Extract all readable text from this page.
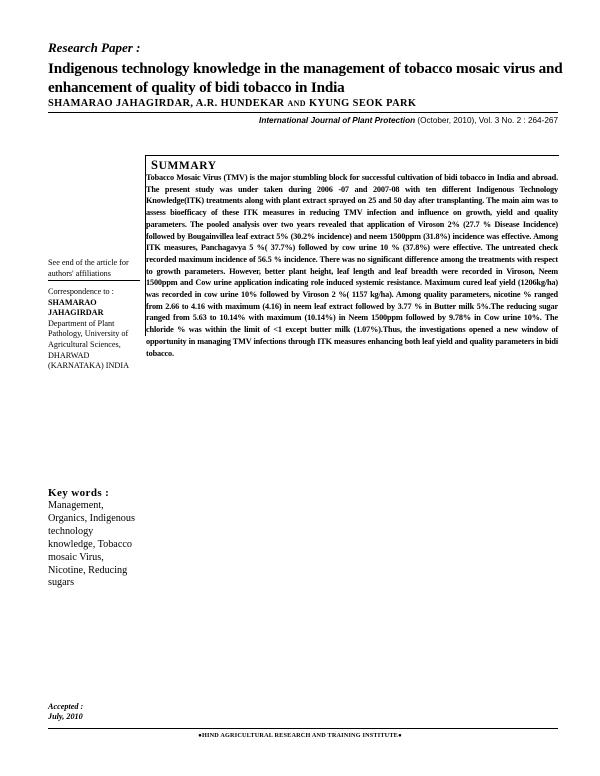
Research Paper :
Indigenous technology knowledge in the management of tobacco mosaic virus and enhancement of quality of bidi tobacco in India
SHAMARAO JAHAGIRDAR, A.R. HUNDEKAR AND KYUNG SEOK PARK
International Journal of Plant Protection (October, 2010), Vol. 3 No. 2 : 264-267
SUMMARY
Tobacco Mosaic Virus (TMV) is the major stumbling block for successful cultivation of bidi tobacco in India and abroad. The present study was under taken during 2006 -07 and 2007-08 with ten different Indigenous Technology Knowledge(ITK) treatments along with plant extract sprayed on 25 and 50 day after transplanting. The main aim was to assess bioefficacy of these ITK measures in reducing TMV infection and influence on growth, yield and quality parameters. The pooled analysis over two years revealed that application of Viroson 2% (27.7 % Disease Incidence) followed by Bougainvillea leaf extract 5% (30.2% incidence) and neem 1500ppm (31.8%) incidence was effective. Among ITK measures, Panchagavya 5 %( 37.7%) followed by cow urine 10 % (37.8%) were effective. The untreated check recorded maximum incidence of 56.5 % incidence. There was no significant difference among the treatments with respect to growth parameters. However, better plant height, leaf length and leaf breadth were recorded in Viroson, Neem 1500ppm and Cow urine application indicating role induced systemic resistance. Maximum cured leaf yield (1206kg/ha) was recorded in cow urine 10% followed by Viroson 2 %( 1157 kg/ha). Among quality parameters, nicotine % ranged from 2.66 to 4.16 with maximum (4.16) in neem leaf extract followed by 3.77 % in Butter milk 5%.The reducing sugar ranged from 5.63 to 10.14% with maximum (10.14%) in Neem 1500ppm followed by 9.78% in Cow urine 10%. The chloride % was within the limit of <1 except butter milk (1.07%).Thus, the investigations opened a new window of opportunity in managing TMV infections through ITK measures enhancing both leaf yield and quality parameters in bidi tobacco.
See end of the article for authors' affiliations
Correspondence to :
SHAMARAO JAHAGIRDAR
Department of Plant Pathology, University of Agricultural Sciences, DHARWAD (KARNATAKA) INDIA
Key words :
Management, Organics, Indigenous technology knowledge, Tobacco mosaic Virus, Nicotine, Reducing sugars
Accepted :
July, 2010
●HIND AGRICULTURAL RESEARCH AND TRAINING INSTITUTE●
